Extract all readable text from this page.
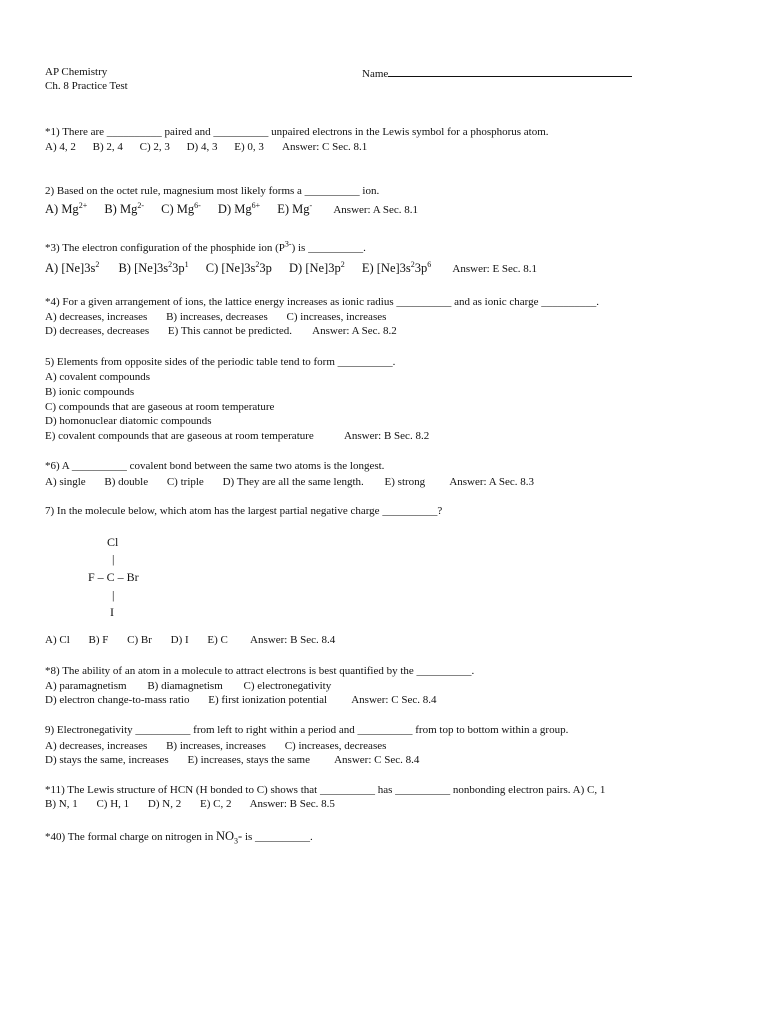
AP Chemistry
Ch. 8 Practice Test
Name
*1) There are __________ paired and __________ unpaired electrons in the Lewis symbol for a phosphorus atom.
A) 4, 2 B) 2, 4 C) 2, 3 D) 4, 3 E) 0, 3 Answer: C Sec. 8.1
2) Based on the octet rule, magnesium most likely forms a __________ ion.
A) $Mg^{2+}$ B) $Mg^{2-}$ C) $Mg^{6-}$ D) $Mg^{6+}$ E) Mg- Answer: A Sec. 8.1
*3) The electron configuration of the phosphide ion $(P^{3-})$ is __________.
A) $[Ne]3s^2$ B) $[Ne]3s^23p^1$ C) $[Ne]3s^23p$ D) $[Ne]3p^2$ E) $[Ne]3s^23p^6$ Answer: E Sec. 8.1
*4) For a given arrangement of ions, the lattice energy increases as ionic radius __________ and as ionic charge __________.
A) decreases, increases B) increases, decreases C) increases, increases
D) decreases, decreases E) This cannot be predicted. Answer: A Sec. 8.2
5) Elements from opposite sides of the periodic table tend to form __________.
A) covalent compounds
B) ionic compounds
C) compounds that are gaseous at room temperature
D) homonuclear diatomic compounds
E) covalent compounds that are gaseous at room temperature	Answer: B Sec. 8.2
*6) A __________ covalent bond between the same two atoms is the longest.
A) single B) double C) triple D) They are all the same length. E) strong Answer: A Sec. 8.3
7) In the molecule below, which atom has the largest partial negative charge __________?
Cl
|
F – C – Br
|
I
A) Cl B) F C) Br D) I E) C Answer: B Sec. 8.4
*8) The ability of an atom in a molecule to attract electrons is best quantified by the __________.
A) paramagnetism B) diamagnetism C) electronegativity
D) electron change-to-mass ratio E) first ionization potential Answer: C Sec. 8.4
9) Electronegativity __________ from left to right within a period and __________ from top to bottom within a group.
A) decreases, increases B) increases, increases C) increases, decreases
D) stays the same, increases E) increases, stays the same Answer: C Sec. 8.4
*11) The Lewis structure of HCN (H bonded to C) shows that __________ has __________ nonbonding electron pairs. A) C, 1
B) N, 1 C) H, 1 D) N, 2 E) C, 2 Answer: B Sec. 8.5
*40) The formal charge on nitrogen in $NO_3-$ is __________.
